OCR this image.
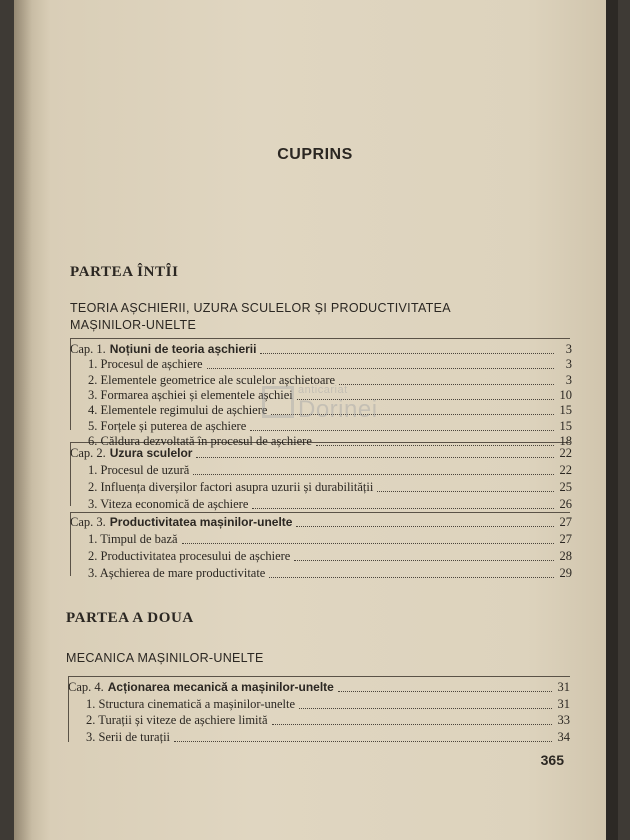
CUPRINS
PARTEA ÎNTÎI
TEORIA AȘCHIERII, UZURA SCULELOR ȘI PRODUCTIVITATEA
MAȘINILOR-UNELTE
Cap. 1. Noțiuni de teoria așchierii	3
1. Procesul de așchiere	3
2. Elementele geometrice ale sculelor așchietoare	3
3. Formarea așchiei și elementele așchiei	10
4. Elementele regimului de așchiere	15
5. Forțele și puterea de așchiere	15
6. Căldura dezvoltată în procesul de așchiere	18
Cap. 2. Uzura sculelor	22
1. Procesul de uzură	22
2. Influența diverșilor factori asupra uzurii și durabilității	25
3. Viteza economică de așchiere	26
Cap. 3. Productivitatea mașinilor-unelte	27
1. Timpul de bază	27
2. Productivitatea procesului de așchiere	28
3. Așchierea de mare productivitate	29
PARTEA A DOUA
MECANICA MAȘINILOR-UNELTE
Cap. 4. Acționarea mecanică a mașinilor-unelte	31
1. Structura cinematică a mașinilor-unelte	31
2. Turații și viteze de așchiere limită	33
3. Serii de turații	34
anticariat
Dorinei
365
